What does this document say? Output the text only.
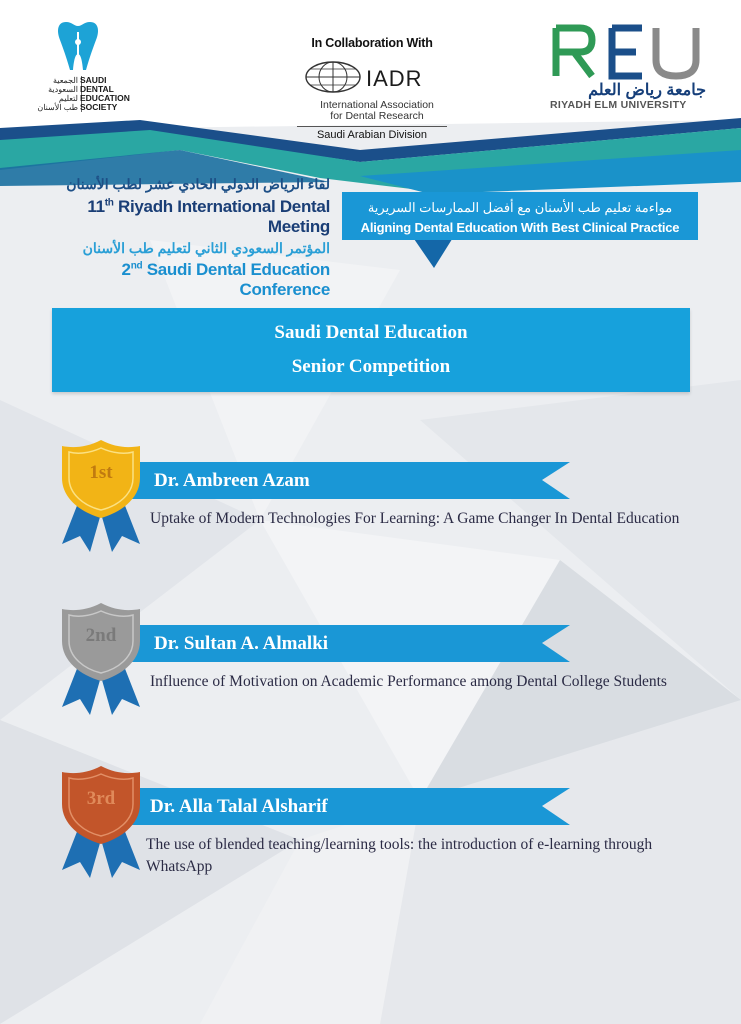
الجمعية
السعودية
لتعليم
طب الأسنان
SAUDI
DENTAL
EDUCATION
SOCIETY
In Collaboration With
IADR
International Association
for Dental Research
Saudi Arabian Division
جامعة رياض العلم
RIYADH ELM UNIVERSITY
لقاء الرياض الدولي الحادي عشر لطب الأسنان
11th Riyadh International Dental Meeting
المؤتمر السعودي الثاني لتعليم طب الأسنان
2nd Saudi Dental Education Conference
مواءمة تعليم طب الأسنان مع أفضل الممارسات السريرية
Aligning Dental Education With Best Clinical Practice
Saudi Dental Education
Senior Competition
Dr. Ambreen Azam
1st
Uptake of Modern Technologies For Learning: A Game Changer In Dental Education
Dr. Sultan A. Almalki
2nd
Influence of Motivation on Academic Performance among Dental College Students
Dr. Alla Talal Alsharif
3rd
The use of blended teaching/learning tools: the introduction of e-learning through WhatsApp
